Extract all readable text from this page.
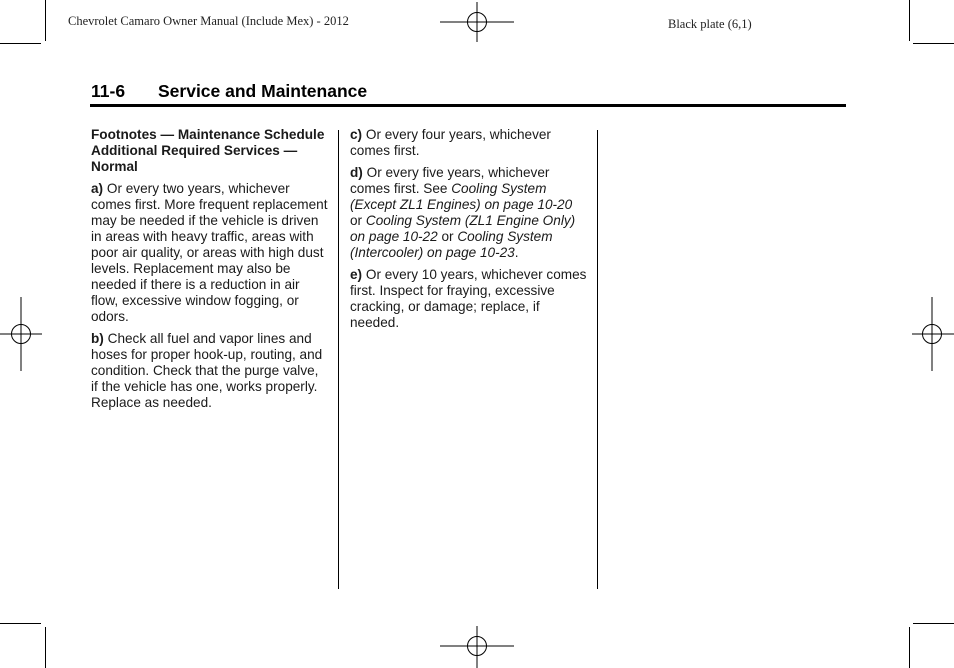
Chevrolet Camaro Owner Manual (Include Mex) - 2012	Black plate (6,1)
11-6 Service and Maintenance

Footnotes — Maintenance Schedule Additional Required Services — Normal

a) Or every two years, whichever comes first. More frequent replacement may be needed if the vehicle is driven in areas with heavy traffic, areas with poor air quality, or areas with high dust levels. Replacement may also be needed if there is a reduction in air flow, excessive window fogging, or odors.

b) Check all fuel and vapor lines and hoses for proper hook-up, routing, and condition. Check that the purge valve, if the vehicle has one, works properly. Replace as needed.

c) Or every four years, whichever comes first.

d) Or every five years, whichever comes first. See Cooling System (Except ZL1 Engines) on page 10-20 or Cooling System (ZL1 Engine Only) on page 10-22 or Cooling System (Intercooler) on page 10-23.

e) Or every 10 years, whichever comes first. Inspect for fraying, excessive cracking, or damage; replace, if needed.
